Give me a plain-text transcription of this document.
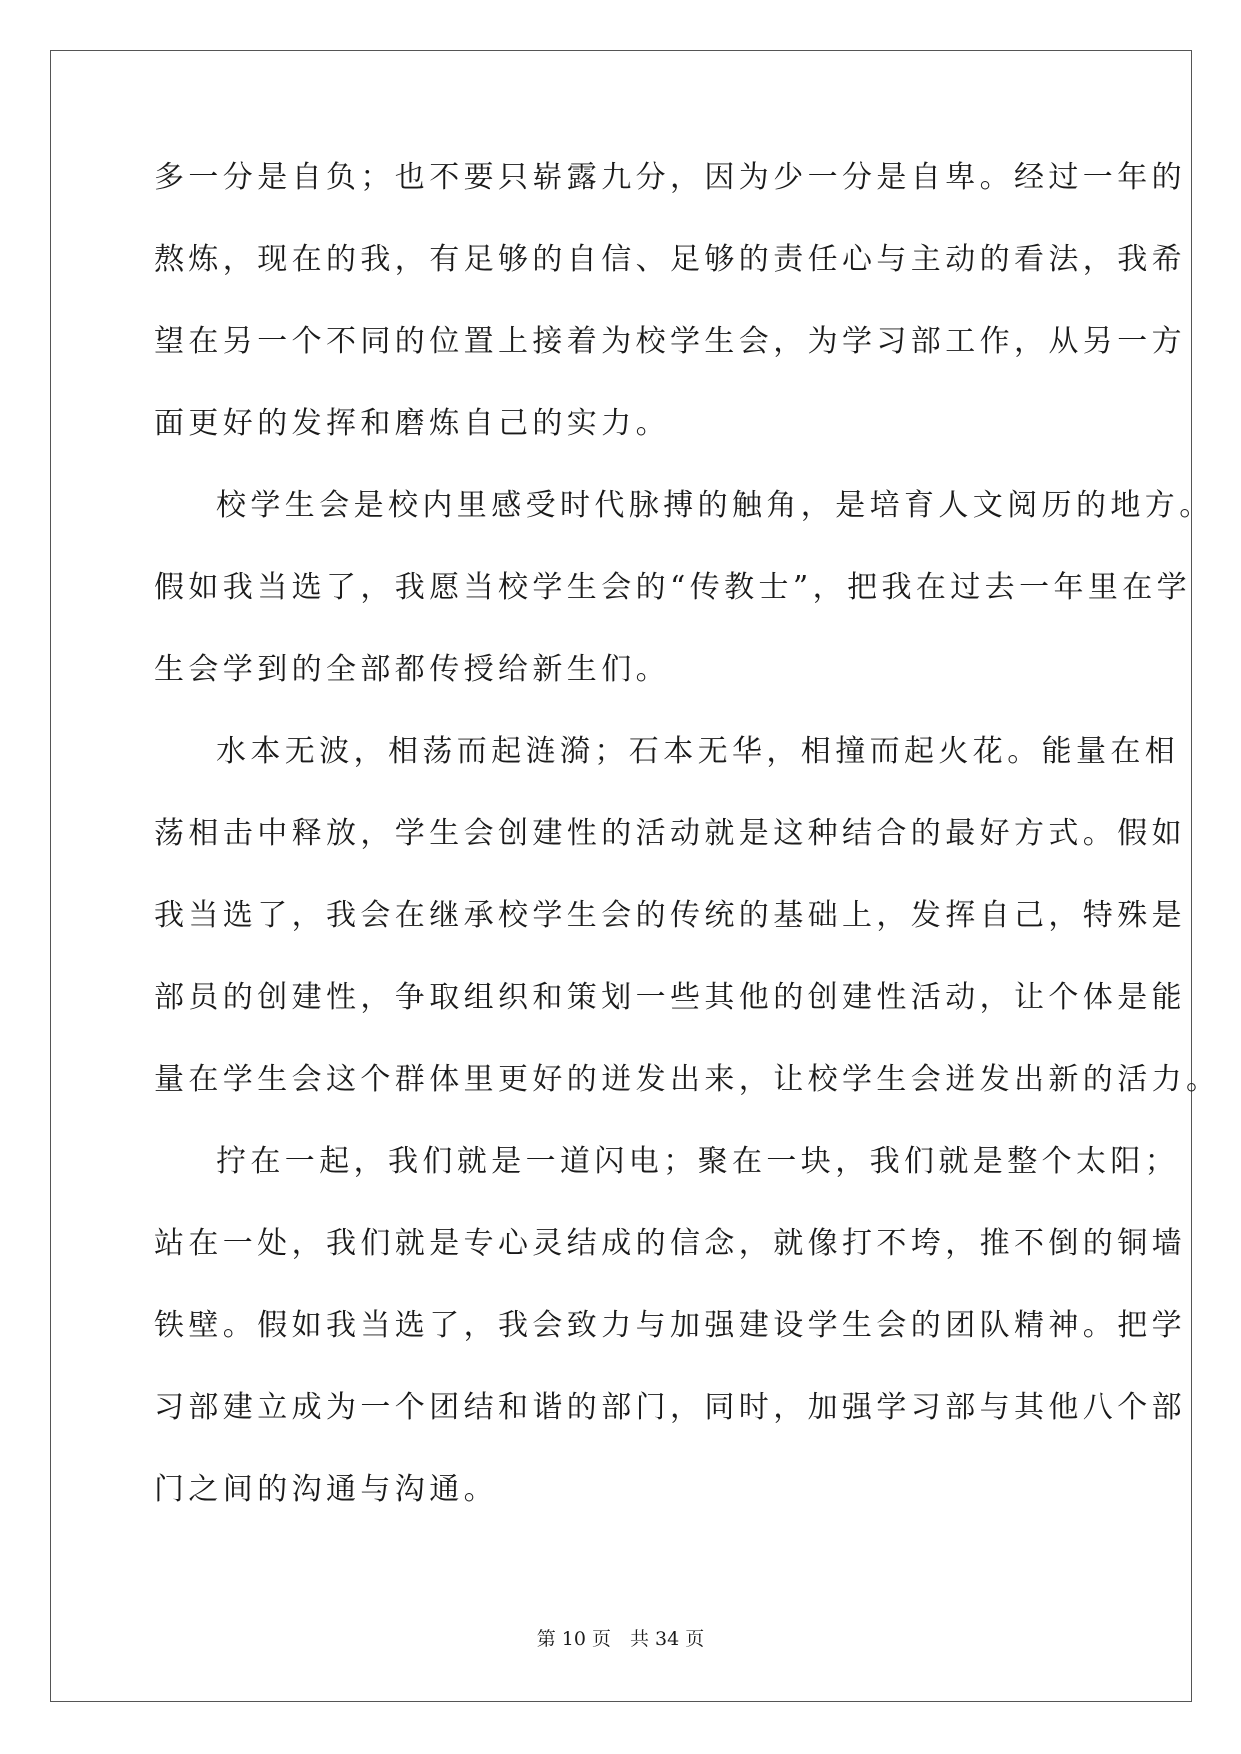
多一分是自负；也不要只崭露九分，因为少一分是自卑。经过一年的
熬炼，现在的我，有足够的自信、足够的责任心与主动的看法，我希
望在另一个不同的位置上接着为校学生会，为学习部工作，从另一方
面更好的发挥和磨炼自己的实力。
校学生会是校内里感受时代脉搏的触角，是培育人文阅历的地方。
假如我当选了，我愿当校学生会的“传教士”，把我在过去一年里在学
生会学到的全部都传授给新生们。
水本无波，相荡而起涟漪；石本无华，相撞而起火花。能量在相
荡相击中释放，学生会创建性的活动就是这种结合的最好方式。假如
我当选了，我会在继承校学生会的传统的基础上，发挥自己，特殊是
部员的创建性，争取组织和策划一些其他的创建性活动，让个体是能
量在学生会这个群体里更好的迸发出来，让校学生会迸发出新的活力。
拧在一起，我们就是一道闪电；聚在一块，我们就是整个太阳；
站在一处，我们就是专心灵结成的信念，就像打不垮，推不倒的铜墙
铁壁。假如我当选了，我会致力与加强建设学生会的团队精神。把学
习部建立成为一个团结和谐的部门，同时，加强学习部与其他八个部
门之间的沟通与沟通。
第 10 页　共 34 页
